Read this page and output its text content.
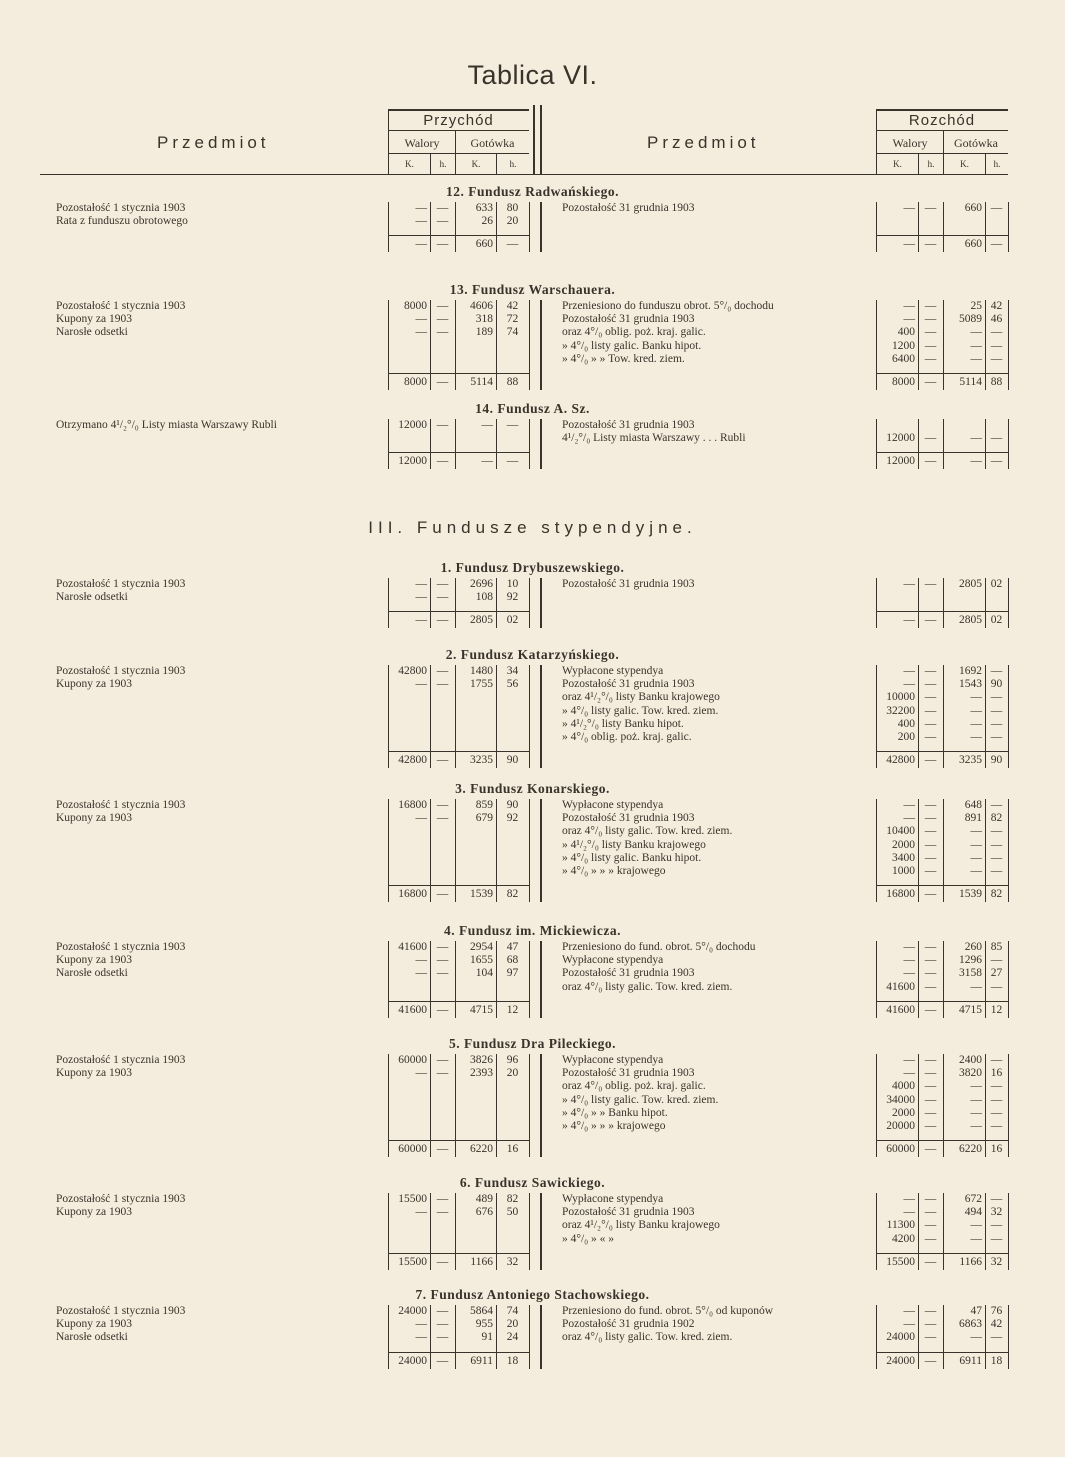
Tablica VI.
Przedmiot	Przedmiot
Przychód	Rozchód
Walory	Gotówka	Walory	Gotówka
K.	h.	K.	h.	K.	h.	K.	h.
III. Fundusze stypendyjne.
12. Fundusz Radwańskiego.
Pozostałość 1 stycznia 1903	— —	633	80
Rata z funduszu obrotowego	— —	26	20
— —	660	—
Pozostałość 31 grudnia 1903	— —	660 —
— —	660 —
13. Fundusz Warschauera.
Pozostałość 1 stycznia 1903	8000 —	4606	42
Kupony za 1903	— —	318	72
Narosłe odsetki	— —	189	74
8000 —	5114	88
Przeniesiono do funduszu obrot. 5°/₀ dochodu	— —	25 42
Pozostałość 31 grudnia 1903	— —	5089 46
oraz 4°/₀ oblig. poż. kraj. galic.	400 —	— —
» 4°/₀ listy galic. Banku hipot.	1200 —	— —
» 4°/₀ » » Tow. kred. ziem.	6400 —	— —
8000 —	5114 88
14. Fundusz A. Sz.
Otrzymano 4¹/₂°/₀ Listy miasta Warszawy Rubli	12000 —	—	—
12000 —	—	—
Pozostałość 31 grudnia 1903
4¹/₂°/₀ Listy miasta Warszawy . . . Rubli	12000 —	— —
12000 —	— —
1. Fundusz Drybuszewskiego.
Pozostałość 1 stycznia 1903	— —	2696	10
Narosłe odsetki	— —	108	92
— —	2805	02
Pozostałość 31 grudnia 1903	— —	2805 02
— —	2805 02
2. Fundusz Katarzyńskiego.
Pozostałość 1 stycznia 1903	42800 —	1480	34
Kupony za 1903	— —	1755	56
42800 —	3235	90
Wypłacone stypendya	— —	1692 —
Pozostałość 31 grudnia 1903	— —	1543 90
oraz 4¹/₂°/₀ listy Banku krajowego	10000 —	— —
» 4°/₀ listy galic. Tow. kred. ziem.	32200 —	— —
» 4¹/₂°/₀ listy Banku hipot.	400 —	— —
» 4°/₀ oblig. poż. kraj. galic.	200 —	— —
42800 —	3235 90
3. Fundusz Konarskiego.
Pozostałość 1 stycznia 1903	16800 —	859	90
Kupony za 1903	— —	679	92
16800 —	1539	82
Wypłacone stypendya	— —	648 —
Pozostałość 31 grudnia 1903	— —	891 82
oraz 4°/₀ listy galic. Tow. kred. ziem.	10400 —	— —
» 4¹/₂°/₀ listy Banku krajowego	2000 —	— —
» 4°/₀ listy galic. Banku hipot.	3400 —	— —
» 4°/₀ » » » krajowego	1000 —	— —
16800 —	1539 82
4. Fundusz im. Mickiewicza.
Pozostałość 1 stycznia 1903	41600 —	2954	47
Kupony za 1903	— —	1655	68
Narosłe odsetki	— —	104	97
41600 —	4715	12
Przeniesiono do fund. obrot. 5°/₀ dochodu	— —	260 85
Wypłacone stypendya	— —	1296 —
Pozostałość 31 grudnia 1903	— —	3158 27
oraz 4°/₀ listy galic. Tow. kred. ziem.	41600 —	— —
41600 —	4715 12
5. Fundusz Dra Pileckiego.
Pozostałość 1 stycznia 1903	60000 —	3826	96
Kupony za 1903	— —	2393	20
60000 —	6220	16
Wypłacone stypendya	— —	2400 —
Pozostałość 31 grudnia 1903	— —	3820 16
oraz 4°/₀ oblig. poż. kraj. galic.	4000 —	— —
» 4°/₀ listy galic. Tow. kred. ziem.	34000 —	— —
» 4°/₀ » » Banku hipot.	2000 —	— —
» 4°/₀ » » » krajowego	20000 —	— —
60000 —	6220 16
6. Fundusz Sawickiego.
Pozostałość 1 stycznia 1903	15500 —	489	82
Kupony za 1903	— —	676	50
15500 —	1166	32
Wypłacone stypendya	— —	672 —
Pozostałość 31 grudnia 1903	— —	494 32
oraz 4¹/₂°/₀ listy Banku krajowego	11300 —	— —
» 4°/₀ » « »	4200 —	— —
15500 —	1166 32
7. Fundusz Antoniego Stachowskiego.
Pozostałość 1 stycznia 1903	24000 —	5864	74
Kupony za 1903	— —	955	20
Narosłe odsetki	— —	91	24
24000 —	6911	18
Przeniesiono do fund. obrot. 5°/₀ od kuponów	— —	47 76
Pozostałość 31 grudnia 1902	— —	6863 42
oraz 4°/₀ listy galic. Tow. kred. ziem.	24000 —	— —
24000 —	6911 18
